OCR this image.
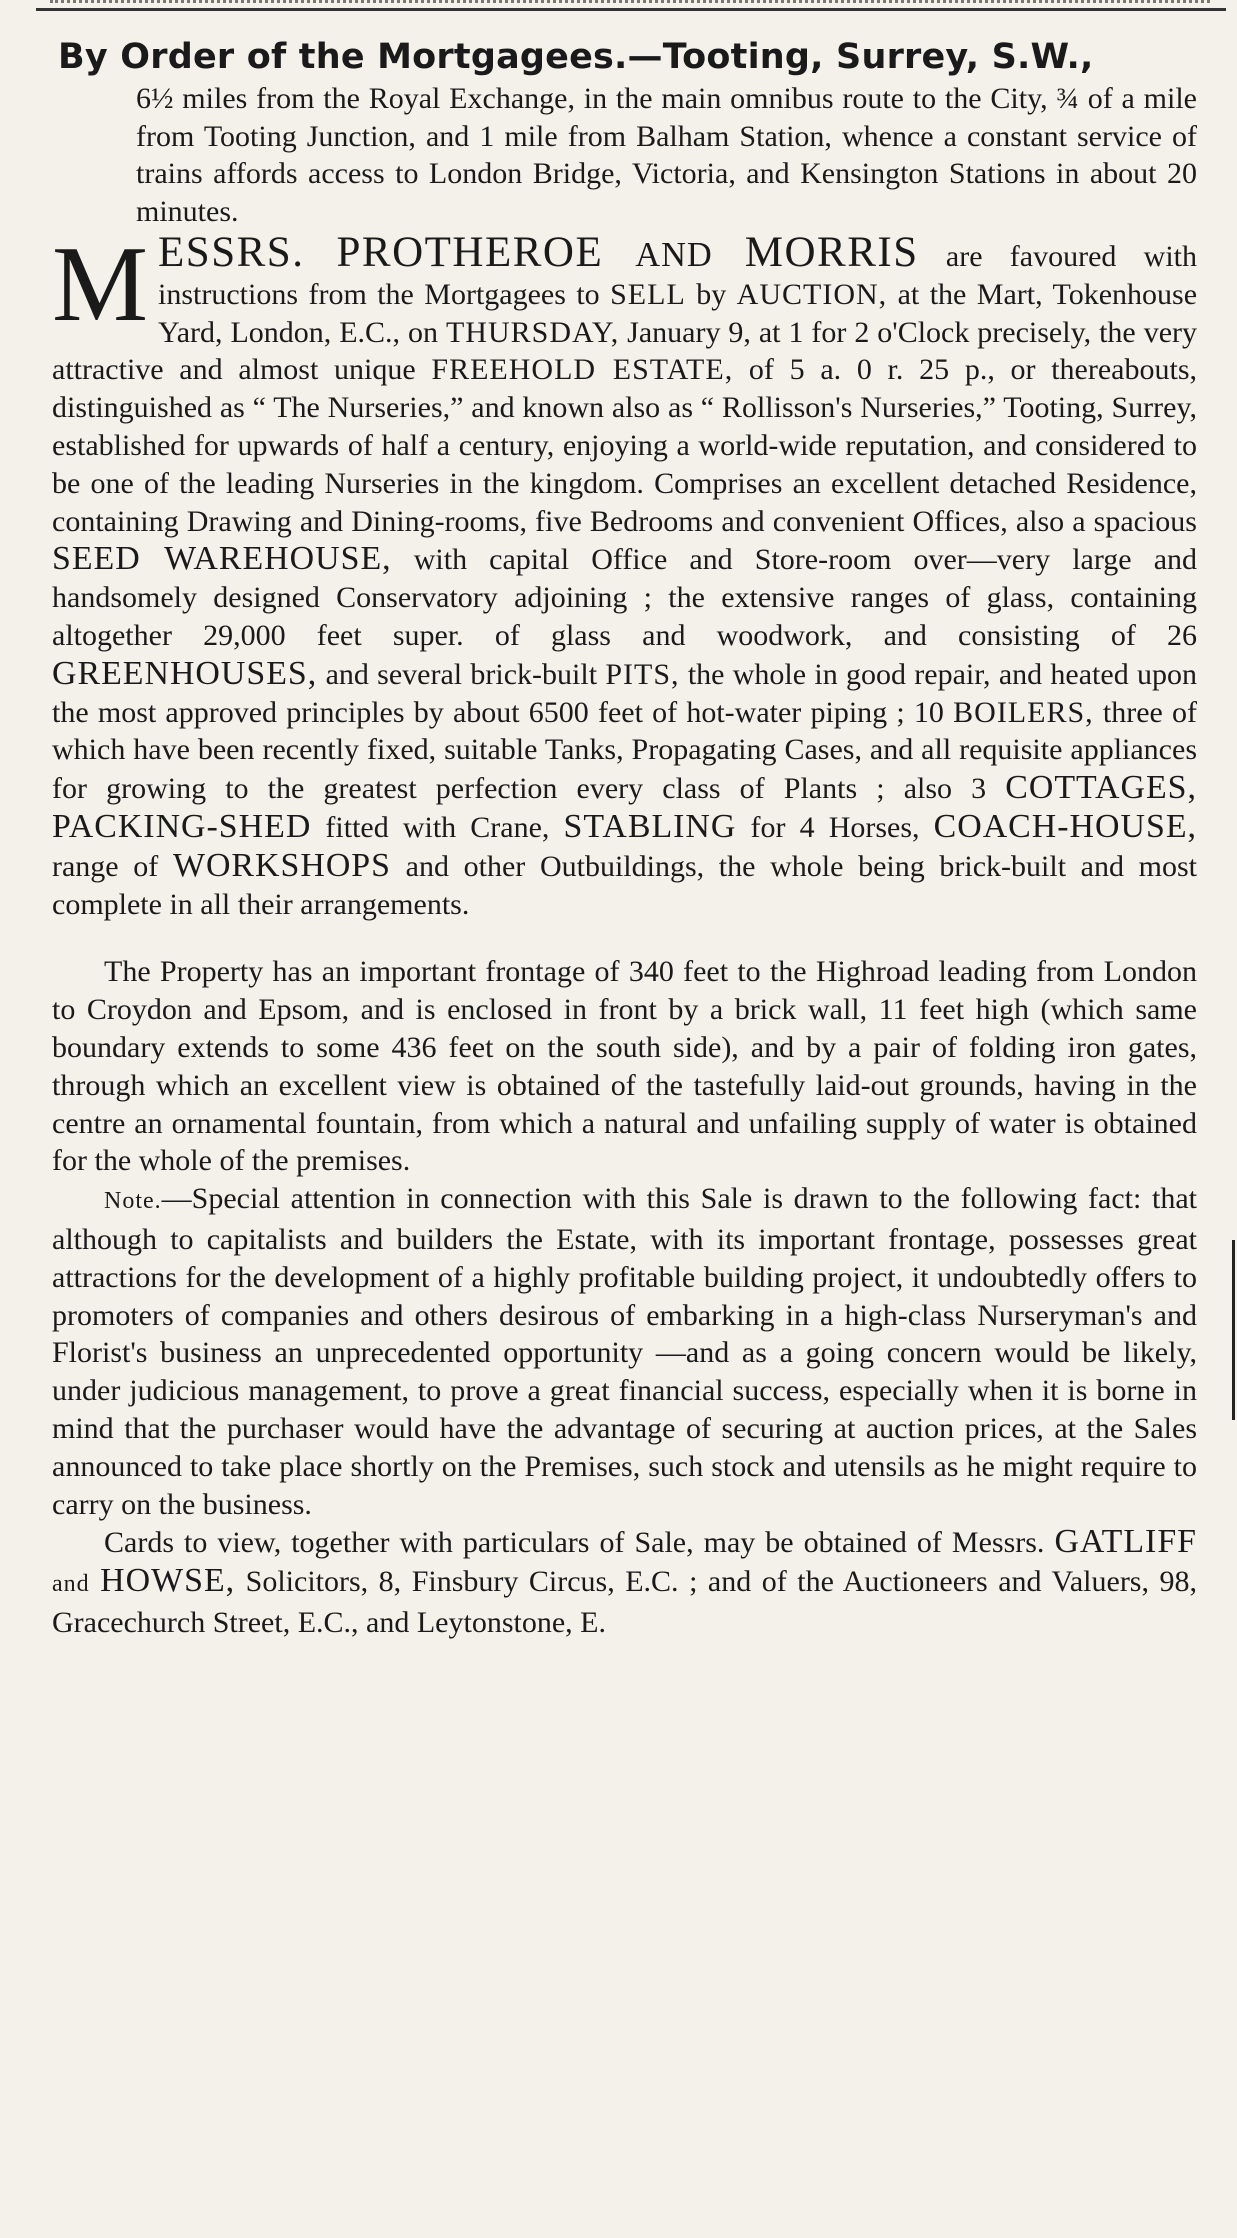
By Order of the Mortgagees.—Tooting, Surrey, S.W.,

6½ miles from the Royal Exchange, in the main omnibus route to the City, ¾ of a mile from Tooting Junction, and 1 mile from Balham Station, whence a constant service of trains affords access to London Bridge, Victoria, and Kensington Stations in about 20 minutes.

M ESSRS. PROTHEROE AND MORRIS are favoured with instructions from the Mortgagees to SELL by AUCTION, at the Mart, Tokenhouse Yard, London, E.C., on THURSDAY, January 9, at 1 for 2 o'Clock precisely, the very attractive and almost unique FREEHOLD ESTATE, of 5 a. 0 r. 25 p., or thereabouts, distinguished as “ The Nurseries,” and known also as “ Rollisson's Nurseries,” Tooting, Surrey, established for upwards of half a century, enjoying a world-wide reputation, and considered to be one of the leading Nurseries in the kingdom. Comprises an excellent detached Residence, containing Drawing and Dining-rooms, five Bedrooms and convenient Offices, also a spacious SEED WAREHOUSE, with capital Office and Store-room over—very large and handsomely designed Conservatory adjoining ; the extensive ranges of glass, containing altogether 29,000 feet super. of glass and woodwork, and consisting of 26 GREENHOUSES, and several brick-built PITS, the whole in good repair, and heated upon the most approved principles by about 6500 feet of hot-water piping ; 10 BOILERS, three of which have been recently fixed, suitable Tanks, Propagating Cases, and all requisite appliances for growing to the greatest perfection every class of Plants ; also 3 COTTAGES, PACKING-SHED fitted with Crane, STABLING for 4 Horses, COACH-HOUSE, range of WORKSHOPS and other Outbuildings, the whole being brick-built and most complete in all their arrangements.

The Property has an important frontage of 340 feet to the Highroad leading from London to Croydon and Epsom, and is enclosed in front by a brick wall, 11 feet high (which same boundary extends to some 436 feet on the south side), and by a pair of folding iron gates, through which an excellent view is obtained of the tastefully laid-out grounds, having in the centre an ornamental fountain, from which a natural and unfailing supply of water is obtained for the whole of the premises.

Note.—Special attention in connection with this Sale is drawn to the following fact: that although to capitalists and builders the Estate, with its important frontage, possesses great attractions for the development of a highly profitable building project, it undoubtedly offers to promoters of companies and others desirous of embarking in a high-class Nurseryman's and Florist's business an unprecedented opportunity —and as a going concern would be likely, under judicious management, to prove a great financial success, especially when it is borne in mind that the purchaser would have the advantage of securing at auction prices, at the Sales announced to take place shortly on the Premises, such stock and utensils as he might require to carry on the business.

Cards to view, together with particulars of Sale, may be obtained of Messrs. GATLIFF and HOWSE, Solicitors, 8, Finsbury Circus, E.C. ; and of the Auctioneers and Valuers, 98, Gracechurch Street, E.C., and Leytonstone, E.
